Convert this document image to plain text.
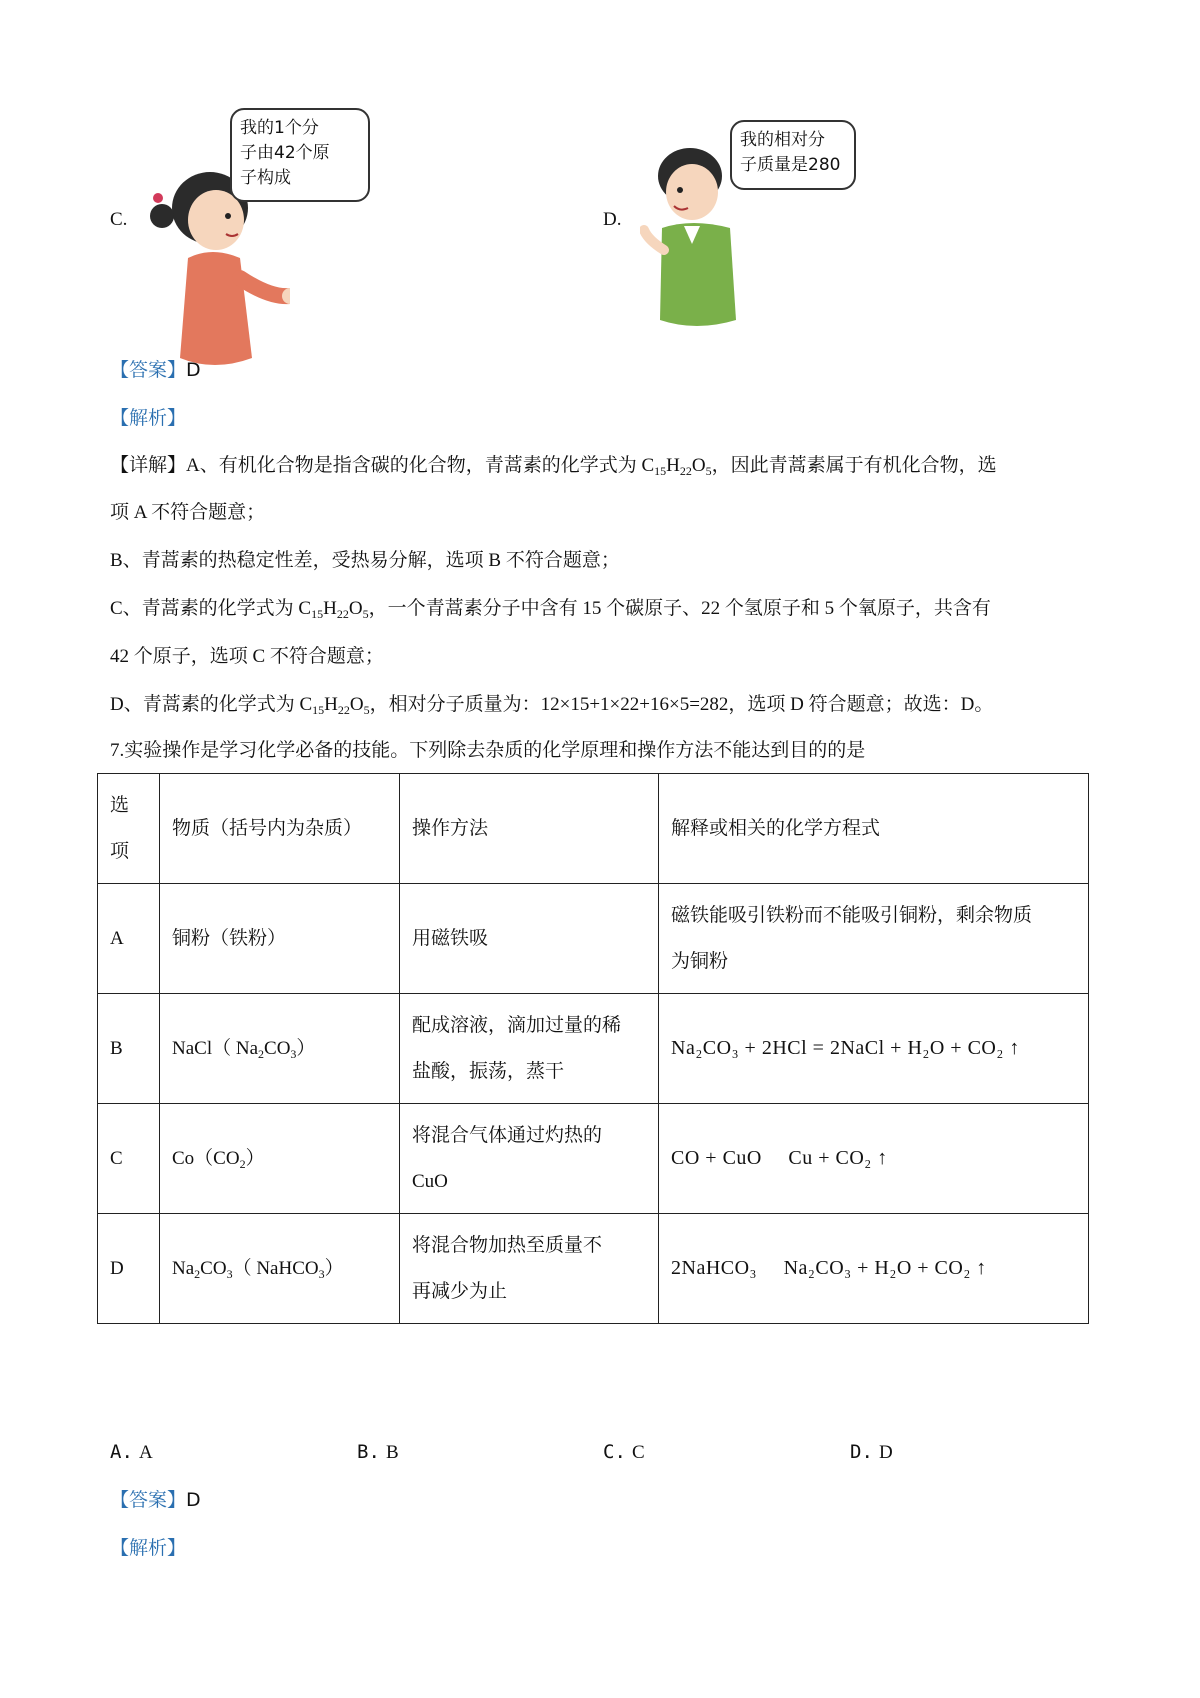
C.
我的1个分
子由42个原
子构成
D.
我的相对分
子质量是280
【答案】D
【解析】
【详解】A、有机化合物是指含碳的化合物，青蒿素的化学式为 $C_{15}H_{22}O_5$，因此青蒿素属于有机化合物，选
项 A 不符合题意；
B、青蒿素的热稳定性差，受热易分解，选项 B 不符合题意；
C、青蒿素的化学式为 $C_{15}H_{22}O_5$，一个青蒿素分子中含有 15 个碳原子、22 个氢原子和 5 个氧原子，共含有
42 个原子，选项 C 不符合题意；
D、青蒿素的化学式为 $C_{15}H_{22}O_5$，相对分子质量为：12×15+1×22+16×5=282，选项 D 符合题意；故选：D。
7.实验操作是学习化学必备的技能。下列除去杂质的化学原理和操作方法不能达到目的的是
选
项	物质（括号内为杂质）	操作方法	解释或相关的化学方程式
A	铜粉（铁粉）	用磁铁吸	磁铁能吸引铁粉而不能吸引铜粉，剩余物质
为铜粉

B	NaCl（ $Na_2CO_3$）	配成溶液，滴加过量的稀
盐酸，振荡，蒸干	Na₂CO₃ + 2HCl = 2NaCl + H₂O + CO₂ ↑
C	$Co(CO_2)$	将混合气体通过灼热的
CuO	CO + CuO ⃞ Cu + CO₂ ↑
D	$Na_2CO_3$（ NaHCO$_3$）	将混合物加热至质量不
再减少为止	2NaHCO₃ ⃞ Na₂CO₃ + H₂O + CO₂ ↑
A. A	B. B	C. C	D. D
【答案】D
【解析】
